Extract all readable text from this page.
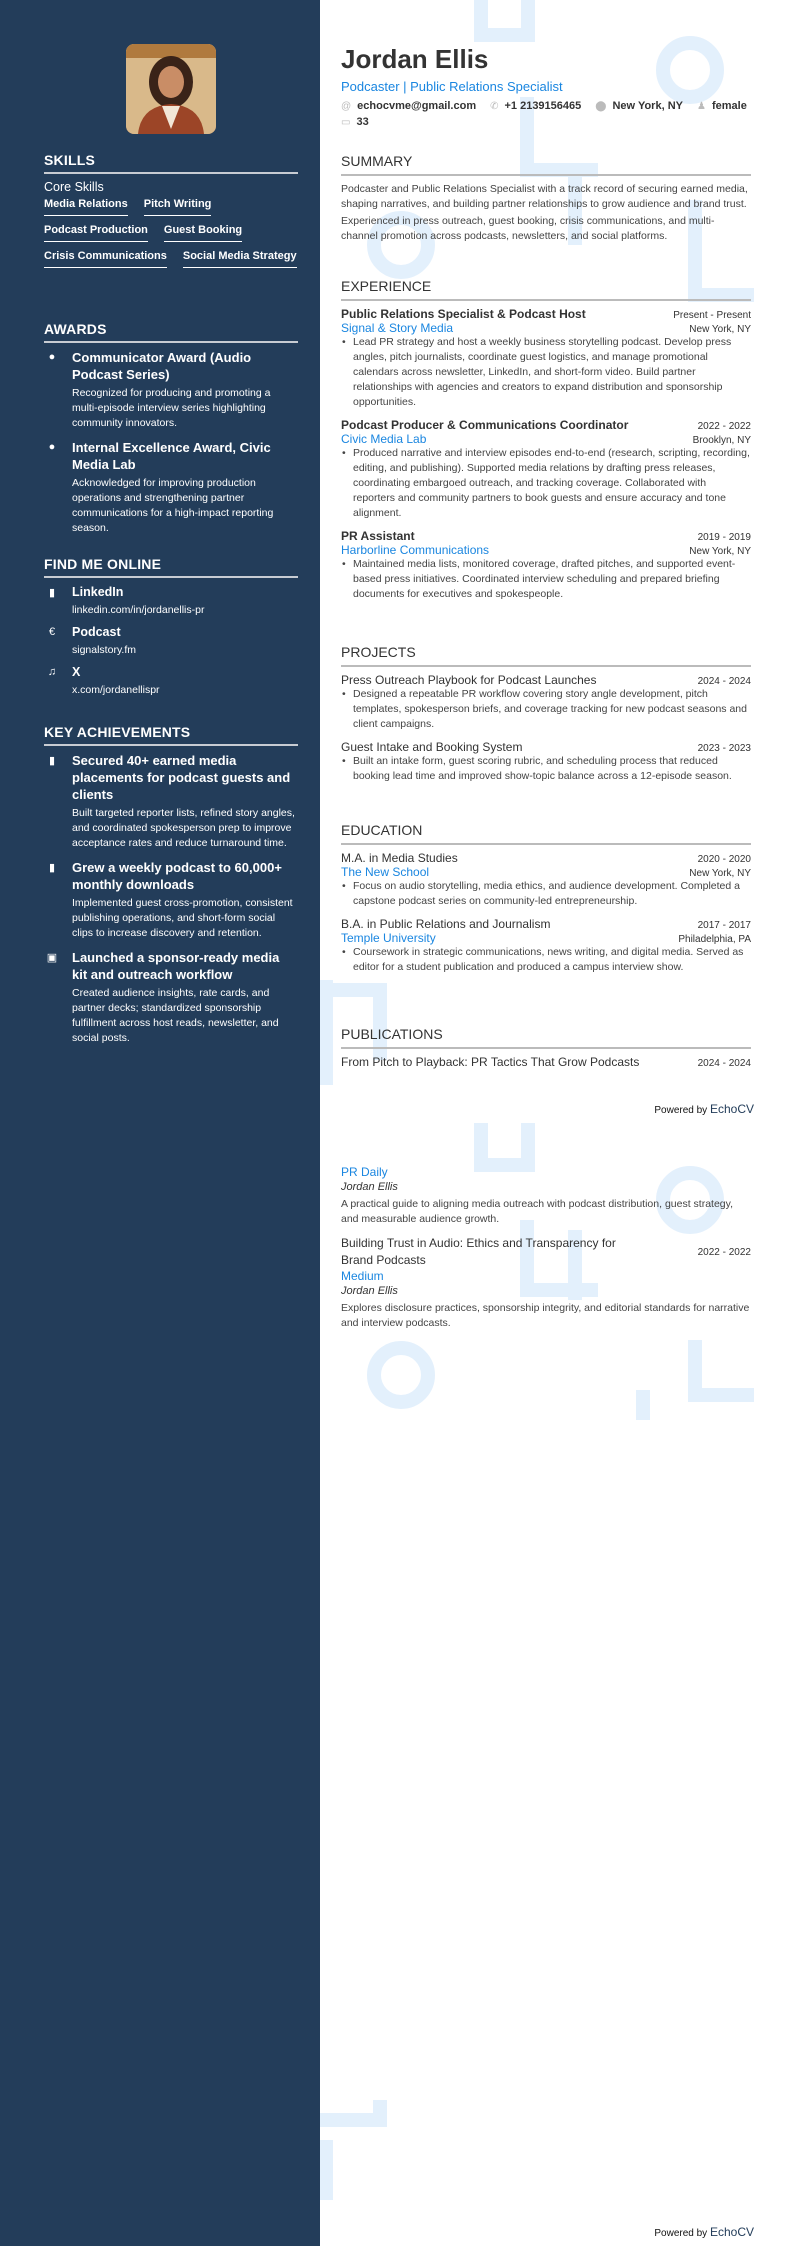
SKILLS
Core Skills
Media Relations Pitch Writing
Podcast Production Guest Booking
Crisis Communications Social Media Strategy
AWARDS
●	Communicator Award (Audio Podcast Series)
Recognized for producing and promoting a multi-episode interview series highlighting community innovators.
●	Internal Excellence Award, Civic Media Lab
Acknowledged for improving production operations and strengthening partner communications for a high-impact reporting season.
FIND ME ONLINE
▮	LinkedIn
linkedin.com/in/jordanellis-pr
€	Podcast
signalstory.fm
♫	X
x.com/jordanellispr
KEY ACHIEVEMENTS
▮	Secured 40+ earned media placements for podcast guests and clients
Built targeted reporter lists, refined story angles, and coordinated spokesperson prep to improve acceptance rates and reduce turnaround time.
▮	Grew a weekly podcast to 60,000+ monthly downloads
Implemented guest cross-promotion, consistent publishing operations, and short-form social clips to increase discovery and retention.
▣ Launched a sponsor-ready media kit and outreach workflow
Created audience insights, rate cards, and partner decks; standardized sponsorship fulfillment across host reads, newsletter, and social posts.
Jordan Ellis
Podcaster | Public Relations Specialist
@ echocvme@gmail.com ✆ +1 2139156465 ⬤ New York, NY ♟ female
▭ 33
SUMMARY

Podcaster and Public Relations Specialist with a track record of securing earned media, shaping narratives, and building partner relationships to grow audience and brand trust.

Experienced in press outreach, guest booking, crisis communications, and multi-channel promotion across podcasts, newsletters, and social platforms.

EXPERIENCE
Public Relations Specialist & Podcast Host	Present - Present
Signal & Story Media	New York, NY
• Lead PR strategy and host a weekly business storytelling podcast. Develop press angles, pitch journalists, coordinate guest logistics, and manage promotional calendars across newsletter, LinkedIn, and short-form video. Build partner relationships with agencies and creators to expand distribution and sponsorship opportunities.
Podcast Producer & Communications Coordinator	2022 - 2022
Civic Media Lab	Brooklyn, NY
• Produced narrative and interview episodes end-to-end (research, scripting, recording, editing, and publishing). Supported media relations by drafting press releases, coordinating embargoed outreach, and tracking coverage. Collaborated with reporters and community partners to book guests and ensure accuracy and tone alignment.
PR Assistant	2019 - 2019
Harborline Communications	New York, NY
• Maintained media lists, monitored coverage, drafted pitches, and supported event-based press initiatives. Coordinated interview scheduling and prepared briefing documents for executives and spokespeople.
PROJECTS
Press Outreach Playbook for Podcast Launches	2024 - 2024
• Designed a repeatable PR workflow covering story angle development, pitch templates, spokesperson briefs, and coverage tracking for new podcast seasons and client campaigns.
Guest Intake and Booking System	2023 - 2023
• Built an intake form, guest scoring rubric, and scheduling process that reduced booking lead time and improved show-topic balance across a 12-episode season.
EDUCATION
M.A. in Media Studies	2020 - 2020
The New School	New York, NY
• Focus on audio storytelling, media ethics, and audience development. Completed a capstone podcast series on community-led entrepreneurship.
B.A. in Public Relations and Journalism	2017 - 2017
Temple University	Philadelphia, PA
• Coursework in strategic communications, news writing, and digital media. Served as editor for a student publication and produced a campus interview show.
PUBLICATIONS
From Pitch to Playback: PR Tactics That Grow Podcasts	2024 - 2024
Powered by EchoCV
PR Daily
Jordan Ellis

A practical guide to aligning media outreach with podcast distribution, guest strategy, and measurable audience growth.

Building Trust in Audio: Ethics and Transparency for Brand Podcasts
2022 - 2022
Medium
Jordan Ellis

Explores disclosure practices, sponsorship integrity, and editorial standards for narrative and interview podcasts.

Powered by EchoCV
